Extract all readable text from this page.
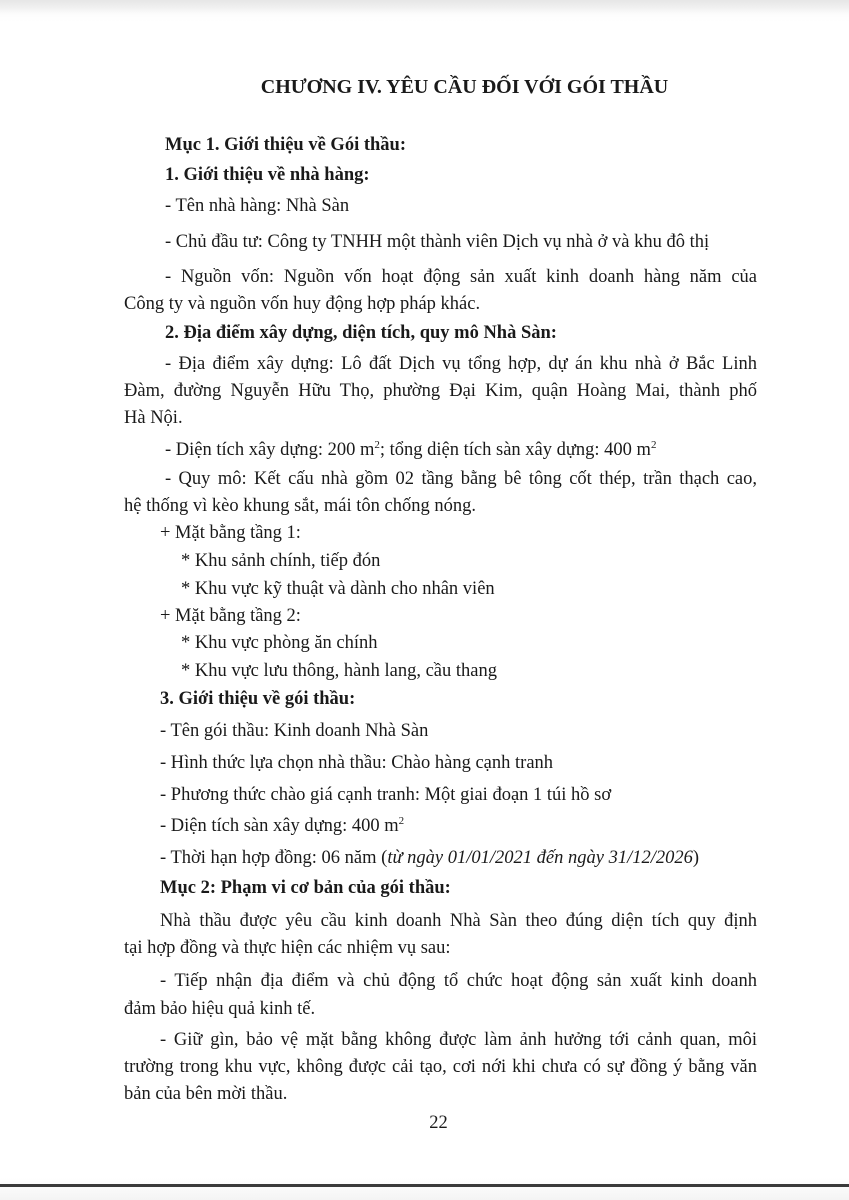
CHƯƠNG IV. YÊU CẦU ĐỐI VỚI GÓI THẦU
Mục 1. Giới thiệu về Gói thầu:
1. Giới thiệu về nhà hàng:
- Tên nhà hàng: Nhà Sàn
- Chủ đầu tư: Công ty TNHH một thành viên Dịch vụ nhà ở và khu đô thị
- Nguồn vốn: Nguồn vốn hoạt động sản xuất kinh doanh hàng năm của
Công ty và nguồn vốn huy động hợp pháp khác.
2. Địa điểm xây dựng, diện tích, quy mô Nhà Sàn:
- Địa điểm xây dựng: Lô đất Dịch vụ tổng hợp, dự án khu nhà ở Bắc Linh
Đàm, đường Nguyễn Hữu Thọ, phường Đại Kim, quận Hoàng Mai, thành phố
Hà Nội.
- Diện tích xây dựng: 200 $m^2$; tổng diện tích sàn xây dựng: 400 $m^2$
- Quy mô: Kết cấu nhà gồm 02 tầng bằng bê tông cốt thép, trần thạch cao,
hệ thống vì kèo khung sắt, mái tôn chống nóng.
+ Mặt bằng tầng 1:
* Khu sảnh chính, tiếp đón
* Khu vực kỹ thuật và dành cho nhân viên
+ Mặt bằng tầng 2:
* Khu vực phòng ăn chính
* Khu vực lưu thông, hành lang, cầu thang
3. Giới thiệu về gói thầu:
- Tên gói thầu: Kinh doanh Nhà Sàn
- Hình thức lựa chọn nhà thầu: Chào hàng cạnh tranh
- Phương thức chào giá cạnh tranh: Một giai đoạn 1 túi hồ sơ
- Diện tích sàn xây dựng: 400 $m^2$
- Thời hạn hợp đồng: 06 năm (từ ngày 01/01/2021 đến ngày 31/12/2026)
Mục 2: Phạm vi cơ bản của gói thầu:
Nhà thầu được yêu cầu kinh doanh Nhà Sàn theo đúng diện tích quy định
tại hợp đồng và thực hiện các nhiệm vụ sau:
- Tiếp nhận địa điểm và chủ động tổ chức hoạt động sản xuất kinh doanh
đảm bảo hiệu quả kinh tế.
- Giữ gìn, bảo vệ mặt bằng không được làm ảnh hưởng tới cảnh quan, môi
trường trong khu vực, không được cải tạo, cơi nới khi chưa có sự đồng ý bằng văn
bản của bên mời thầu.
22
